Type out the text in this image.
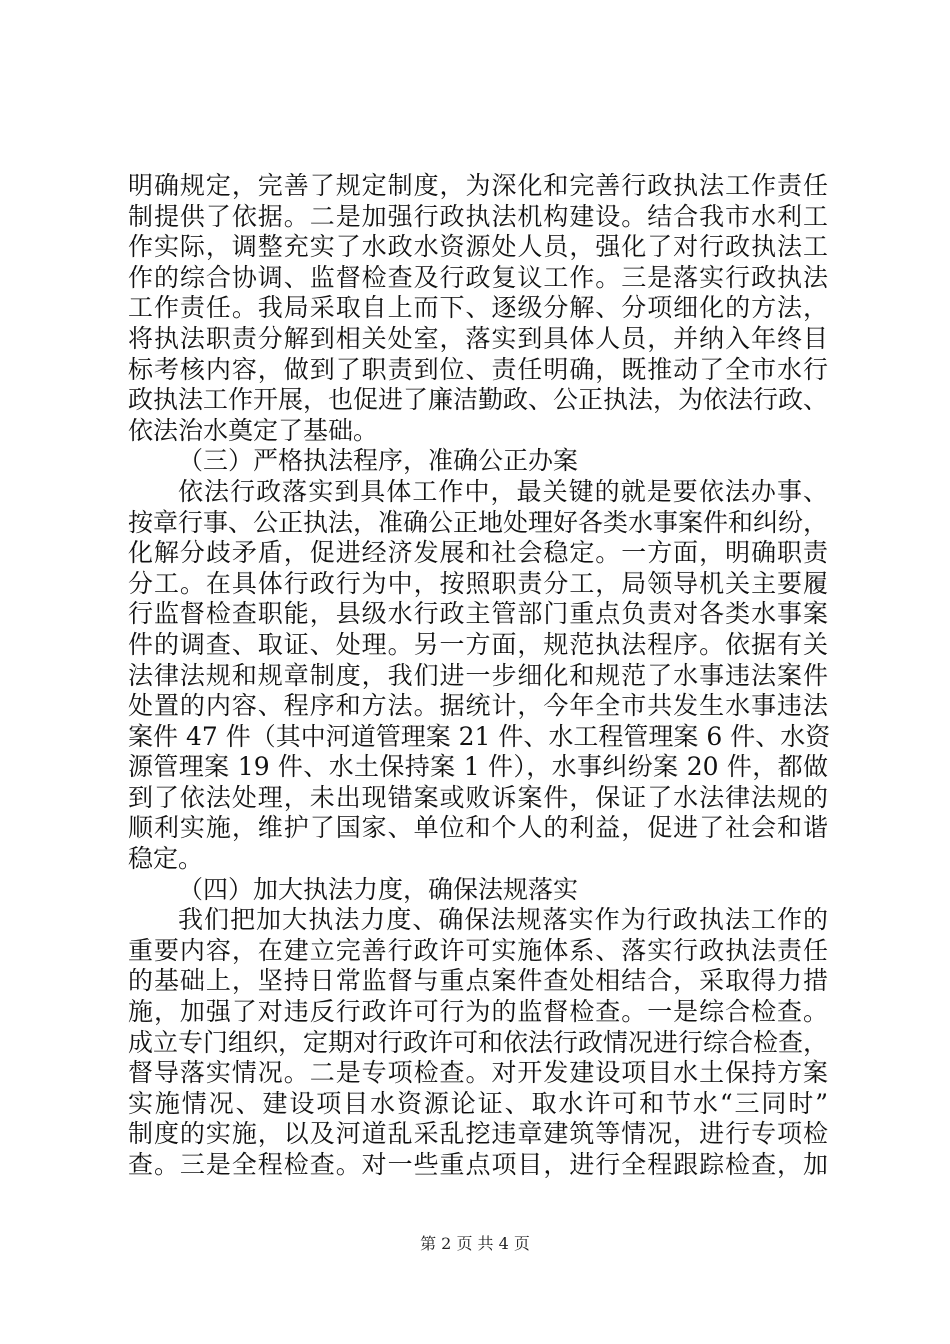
明确规定，完善了规定制度，为深化和完善行政执法工作责任

制提供了依据。二是加强行政执法机构建设。结合我市水利工

作实际，调整充实了水政水资源处人员，强化了对行政执法工

作的综合协调、监督检查及行政复议工作。三是落实行政执法

工作责任。我局采取自上而下、逐级分解、分项细化的方法，

将执法职责分解到相关处室，落实到具体人员，并纳入年终目

标考核内容，做到了职责到位、责任明确，既推动了全市水行

政执法工作开展，也促进了廉洁勤政、公正执法，为依法行政、

依法治水奠定了基础。

（三）严格执法程序，准确公正办案

依法行政落实到具体工作中，最关键的就是要依法办事、

按章行事、公正执法，准确公正地处理好各类水事案件和纠纷，

化解分歧矛盾，促进经济发展和社会稳定。一方面，明确职责

分工。在具体行政行为中，按照职责分工，局领导机关主要履

行监督检查职能，县级水行政主管部门重点负责对各类水事案

件的调查、取证、处理。另一方面，规范执法程序。依据有关

法律法规和规章制度，我们进一步细化和规范了水事违法案件

处置的内容、程序和方法。据统计，今年全市共发生水事违法

案件 47 件（其中河道管理案 21 件、水工程管理案 6 件、水资

源管理案 19 件、水土保持案 1 件），水事纠纷案 20 件，都做

到了依法处理，未出现错案或败诉案件，保证了水法律法规的

顺利实施，维护了国家、单位和个人的利益，促进了社会和谐

稳定。

（四）加大执法力度，确保法规落实

我们把加大执法力度、确保法规落实作为行政执法工作的

重要内容，在建立完善行政许可实施体系、落实行政执法责任

的基础上，坚持日常监督与重点案件查处相结合，采取得力措

施，加强了对违反行政许可行为的监督检查。一是综合检查。

成立专门组织，定期对行政许可和依法行政情况进行综合检查，

督导落实情况。二是专项检查。对开发建设项目水土保持方案

实施情况、建设项目水资源论证、取水许可和节水“三同时”

制度的实施，以及河道乱采乱挖违章建筑等情况，进行专项检

查。三是全程检查。对一些重点项目，进行全程跟踪检查，加

第 2 页 共 4 页
